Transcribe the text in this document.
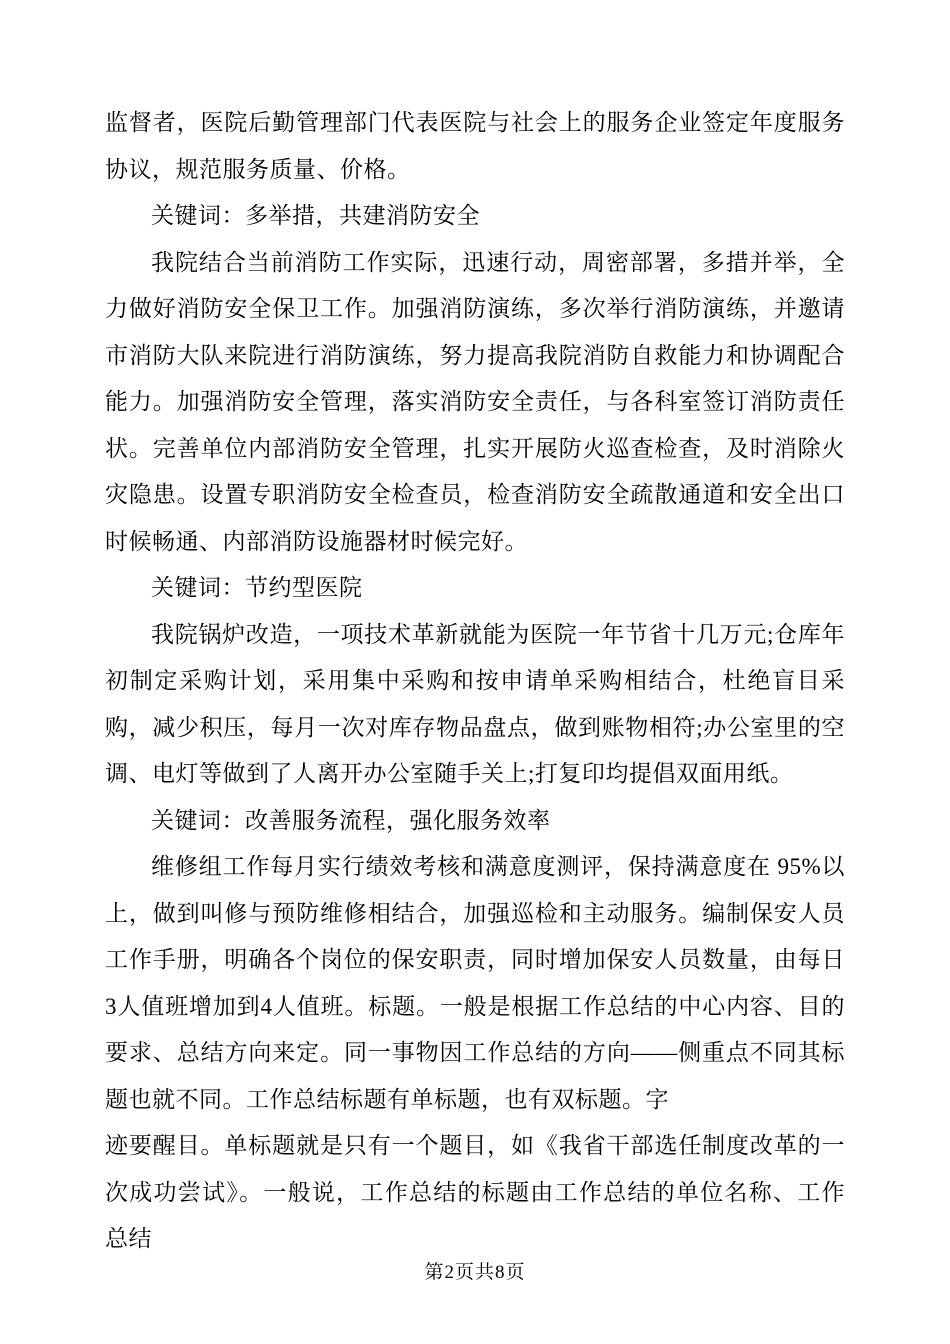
监督者，医院后勤管理部门代表医院与社会上的服务企业签定年度服务协议，规范服务质量、价格。

关键词：多举措，共建消防安全

我院结合当前消防工作实际，迅速行动，周密部署，多措并举，全力做好消防安全保卫工作。加强消防演练，多次举行消防演练，并邀请市消防大队来院进行消防演练，努力提高我院消防自救能力和协调配合能力。加强消防安全管理，落实消防安全责任，与各科室签订消防责任状。完善单位内部消防安全管理，扎实开展防火巡查检查，及时消除火灾隐患。设置专职消防安全检查员，检查消防安全疏散通道和安全出口时候畅通、内部消防设施器材时候完好。

关键词：节约型医院

我院锅炉改造，一项技术革新就能为医院一年节省十几万元;仓库年初制定采购计划，采用集中采购和按申请单采购相结合，杜绝盲目采购，减少积压，每月一次对库存物品盘点，做到账物相符;办公室里的空调、电灯等做到了人离开办公室随手关上;打复印均提倡双面用纸。

关键词：改善服务流程，强化服务效率

维修组工作每月实行绩效考核和满意度测评，保持满意度在 95%以上，做到叫修与预防维修相结合，加强巡检和主动服务。编制保安人员工作手册，明确各个岗位的保安职责，同时增加保安人员数量，由每日3人值班增加到4人值班。标题。一般是根据工作总结的中心内容、目的要求、总结方向来定。同一事物因工作总结的方向——侧重点不同其标题也就不同。工作总结标题有单标题，也有双标题。字

迹要醒目。单标题就是只有一个题目，如《我省干部选任制度改革的一次成功尝试》。一般说，工作总结的标题由工作总结的单位名称、工作总结

第2页共8页
